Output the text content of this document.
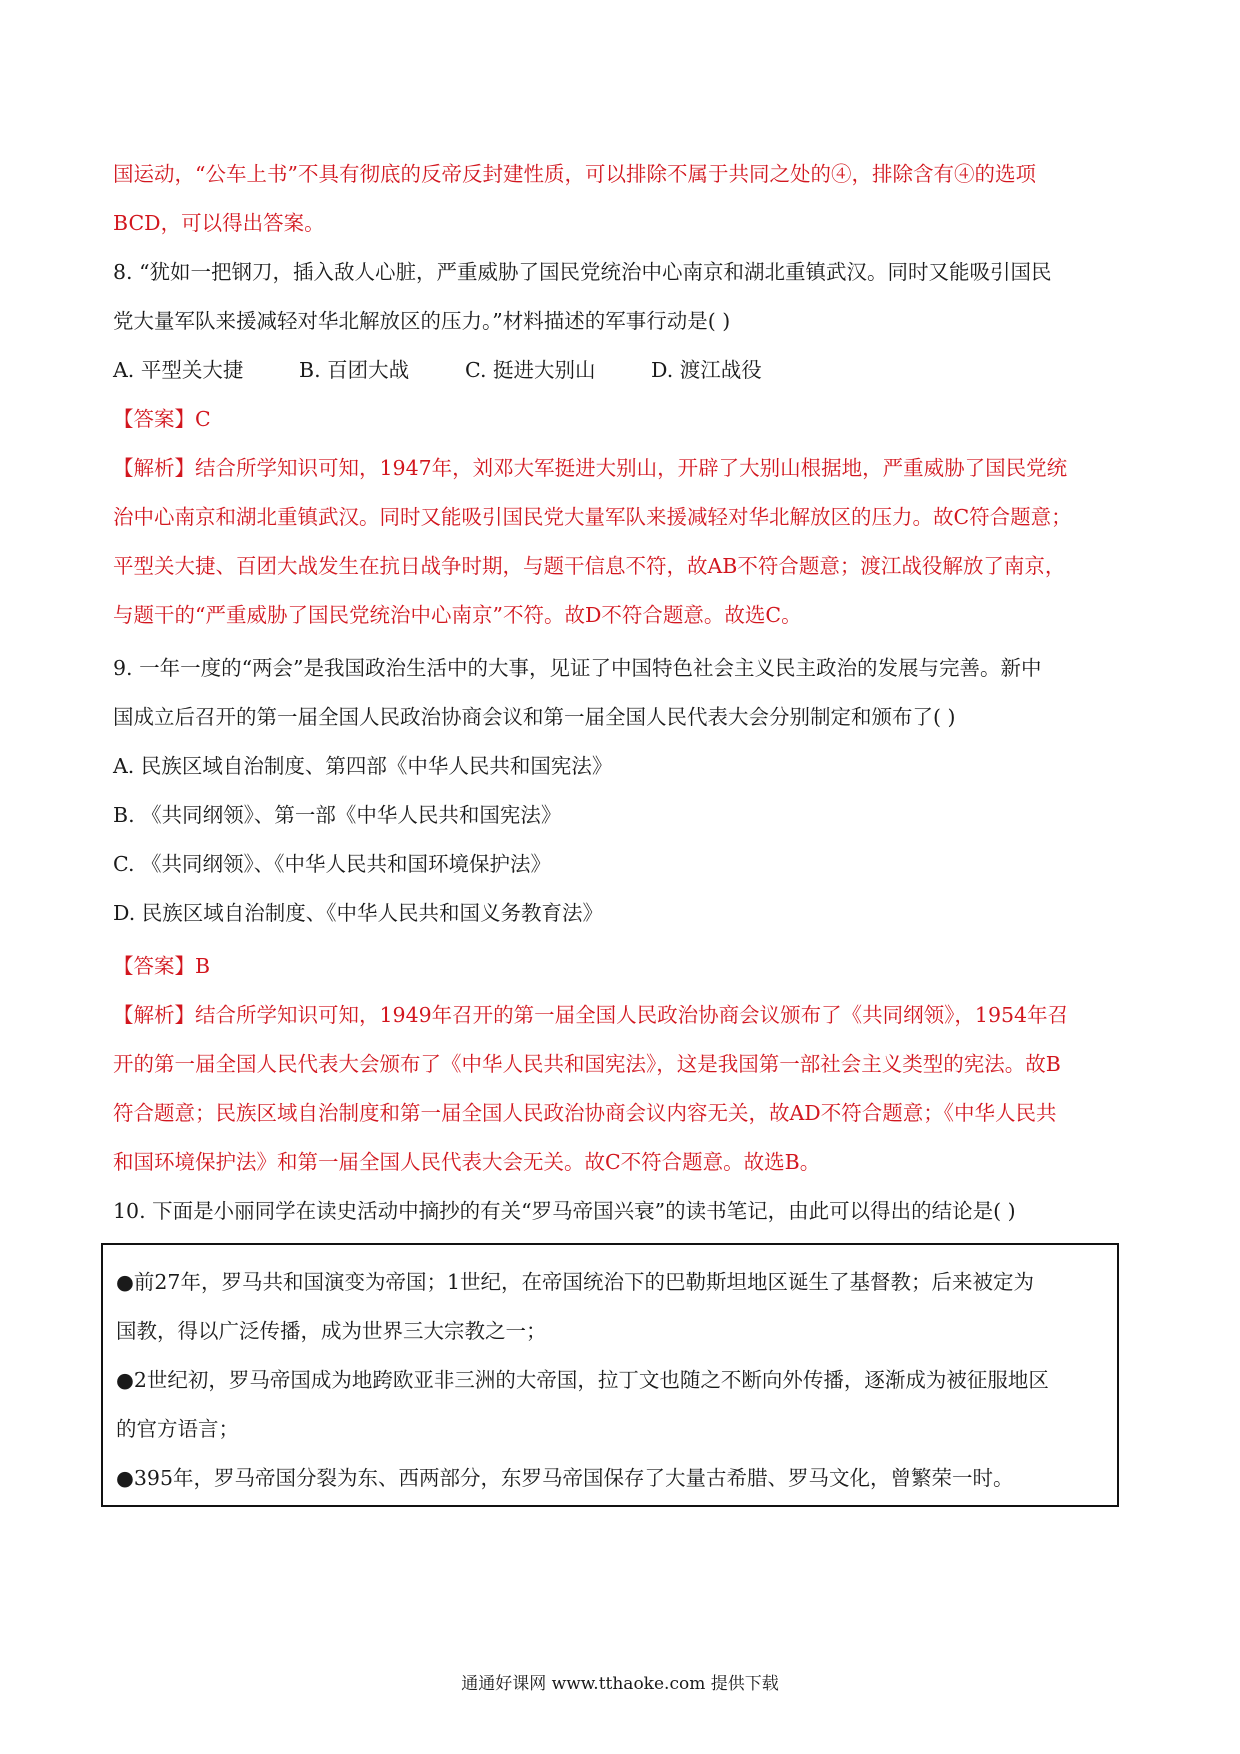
国运动，“公车上书”不具有彻底的反帝反封建性质，可以排除不属于共同之处的④，排除含有④的选项
BCD，可以得出答案。
8. “犹如一把钢刀，插入敌人心脏，严重威胁了国民党统治中心南京和湖北重镇武汉。同时又能吸引国民
党大量军队来援减轻对华北解放区的压力。”材料描述的军事行动是( )
A. 平型关大捷	B. 百团大战	C. 挺进大别山	D. 渡江战役
【答案】C
【解析】结合所学知识可知，1947年，刘邓大军挺进大别山，开辟了大别山根据地，严重威胁了国民党统
治中心南京和湖北重镇武汉。同时又能吸引国民党大量军队来援减轻对华北解放区的压力。故C符合题意；
平型关大捷、百团大战发生在抗日战争时期，与题干信息不符，故AB不符合题意；渡江战役解放了南京，
与题干的“严重威胁了国民党统治中心南京”不符。故D不符合题意。故选C。
9. 一年一度的“两会”是我国政治生活中的大事，见证了中国特色社会主义民主政治的发展与完善。新中
国成立后召开的第一届全国人民政治协商会议和第一届全国人民代表大会分别制定和颁布了( )
A. 民族区域自治制度、第四部《中华人民共和国宪法》
B. 《共同纲领》、第一部《中华人民共和国宪法》
C. 《共同纲领》、《中华人民共和国环境保护法》
D. 民族区域自治制度、《中华人民共和国义务教育法》
【答案】B
【解析】结合所学知识可知，1949年召开的第一届全国人民政治协商会议颁布了《共同纲领》，1954年召
开的第一届全国人民代表大会颁布了《中华人民共和国宪法》，这是我国第一部社会主义类型的宪法。故B
符合题意；民族区域自治制度和第一届全国人民政治协商会议内容无关，故AD不符合题意；《中华人民共
和国环境保护法》和第一届全国人民代表大会无关。故C不符合题意。故选B。
10. 下面是小丽同学在读史活动中摘抄的有关“罗马帝国兴衰”的读书笔记，由此可以得出的结论是( )
●前27年，罗马共和国演变为帝国；1世纪，在帝国统治下的巴勒斯坦地区诞生了基督教；后来被定为
国教，得以广泛传播，成为世界三大宗教之一；
●2世纪初，罗马帝国成为地跨欧亚非三洲的大帝国，拉丁文也随之不断向外传播，逐渐成为被征服地区
的官方语言；
●395年，罗马帝国分裂为东、西两部分，东罗马帝国保存了大量古希腊、罗马文化，曾繁荣一时。
通通好课网 www.tthaoke.com 提供下载
